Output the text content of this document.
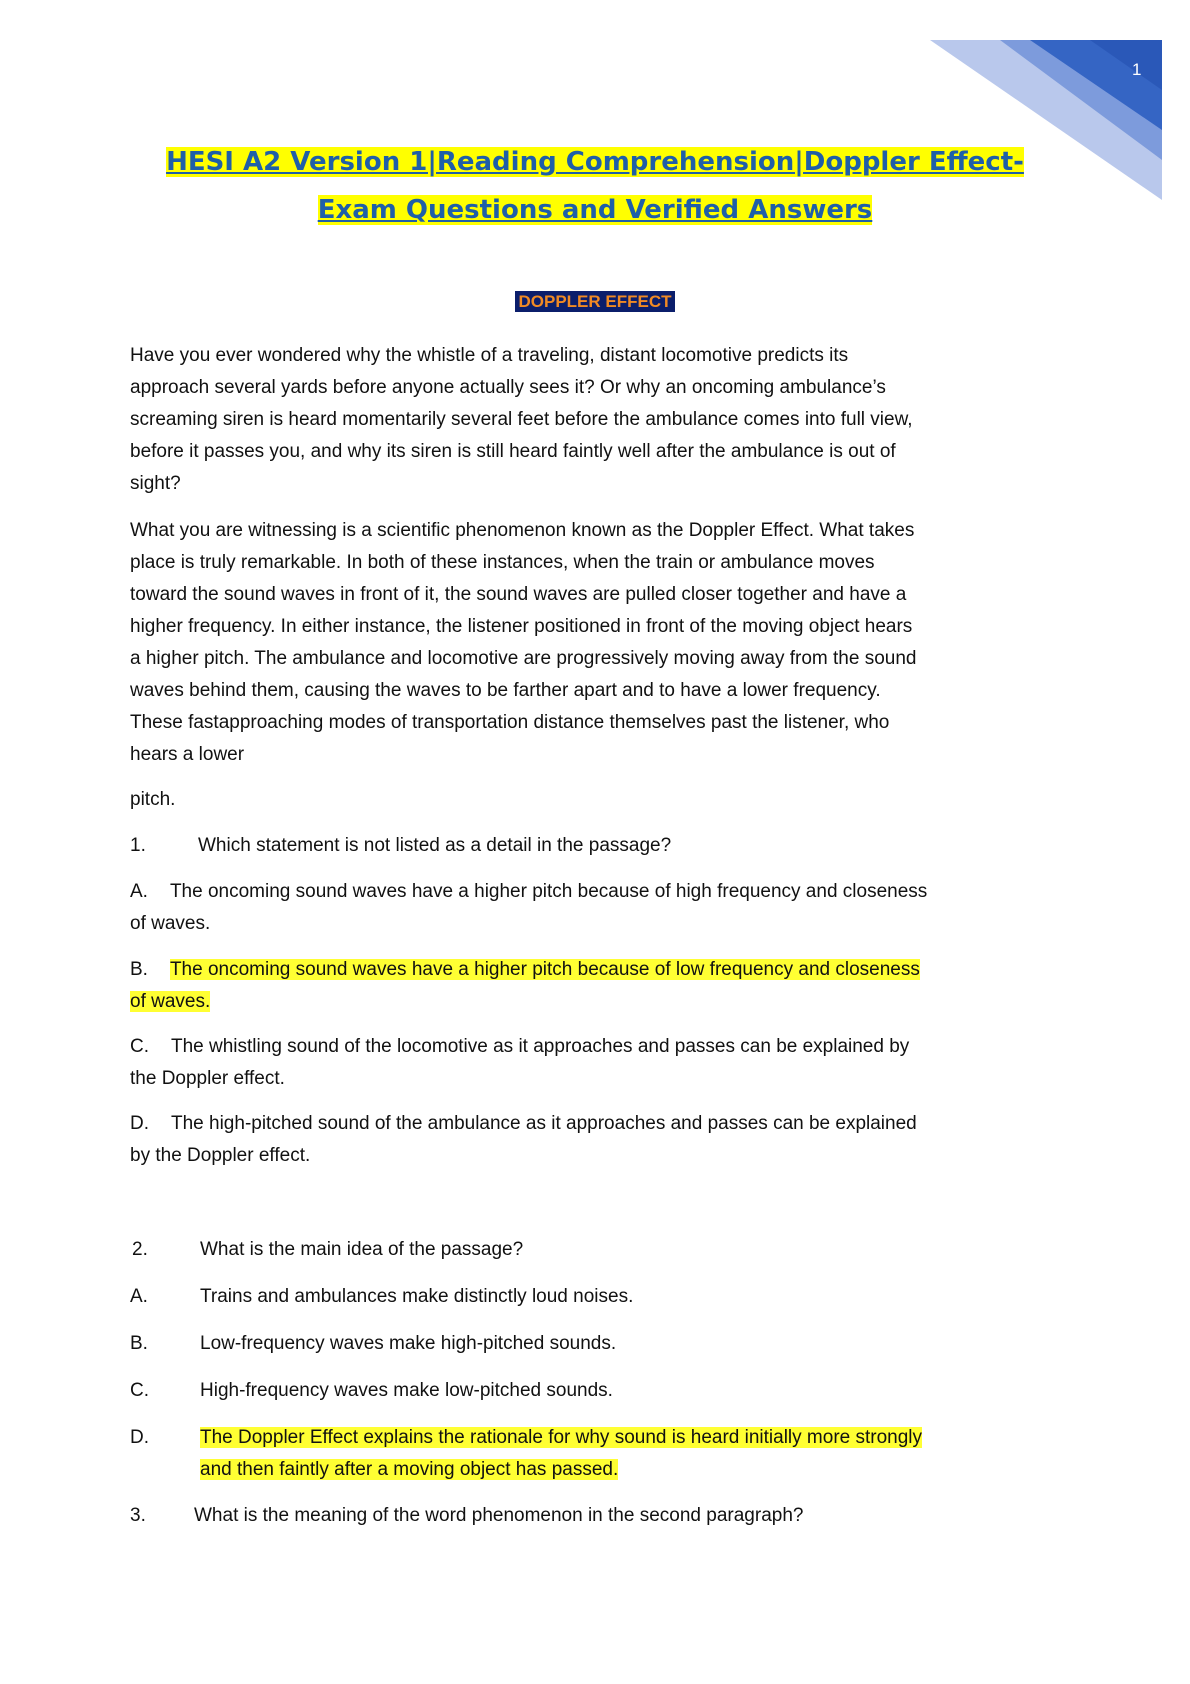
1
HESI A2 Version 1|Reading Comprehension|Doppler Effect-
Exam Questions and Verified Answers
DOPPLER EFFECT
Have you ever wondered why the whistle of a traveling, distant locomotive predicts its
approach several yards before anyone actually sees it? Or why an oncoming ambulance’s
screaming siren is heard momentarily several feet before the ambulance comes into full view,
before it passes you, and why its siren is still heard faintly well after the ambulance is out of
sight?
What you are witnessing is a scientific phenomenon known as the Doppler Effect. What takes
place is truly remarkable. In both of these instances, when the train or ambulance moves
toward the sound waves in front of it, the sound waves are pulled closer together and have a
higher frequency. In either instance, the listener positioned in front of the moving object hears
a higher pitch. The ambulance and locomotive are progressively moving away from the sound
waves behind them, causing the waves to be farther apart and to have a lower frequency.
These fastapproaching modes of transportation distance themselves past the listener, who
hears a lower
pitch.
1.	Which statement is not listed as a detail in the passage?
A. The oncoming sound waves have a higher pitch because of high frequency and closeness
of waves.
B. The oncoming sound waves have a higher pitch because of low frequency and closeness
of waves.
C. The whistling sound of the locomotive as it approaches and passes can be explained by
the Doppler effect.
D. The high-pitched sound of the ambulance as it approaches and passes can be explained
by the Doppler effect.
2.	What is the main idea of the passage?
A.	Trains and ambulances make distinctly loud noises.
B.	Low-frequency waves make high-pitched sounds.
C.	High-frequency waves make low-pitched sounds.
D.	The Doppler Effect explains the rationale for why sound is heard initially more strongly
and then faintly after a moving object has passed.
3.	What is the meaning of the word phenomenon in the second paragraph?
